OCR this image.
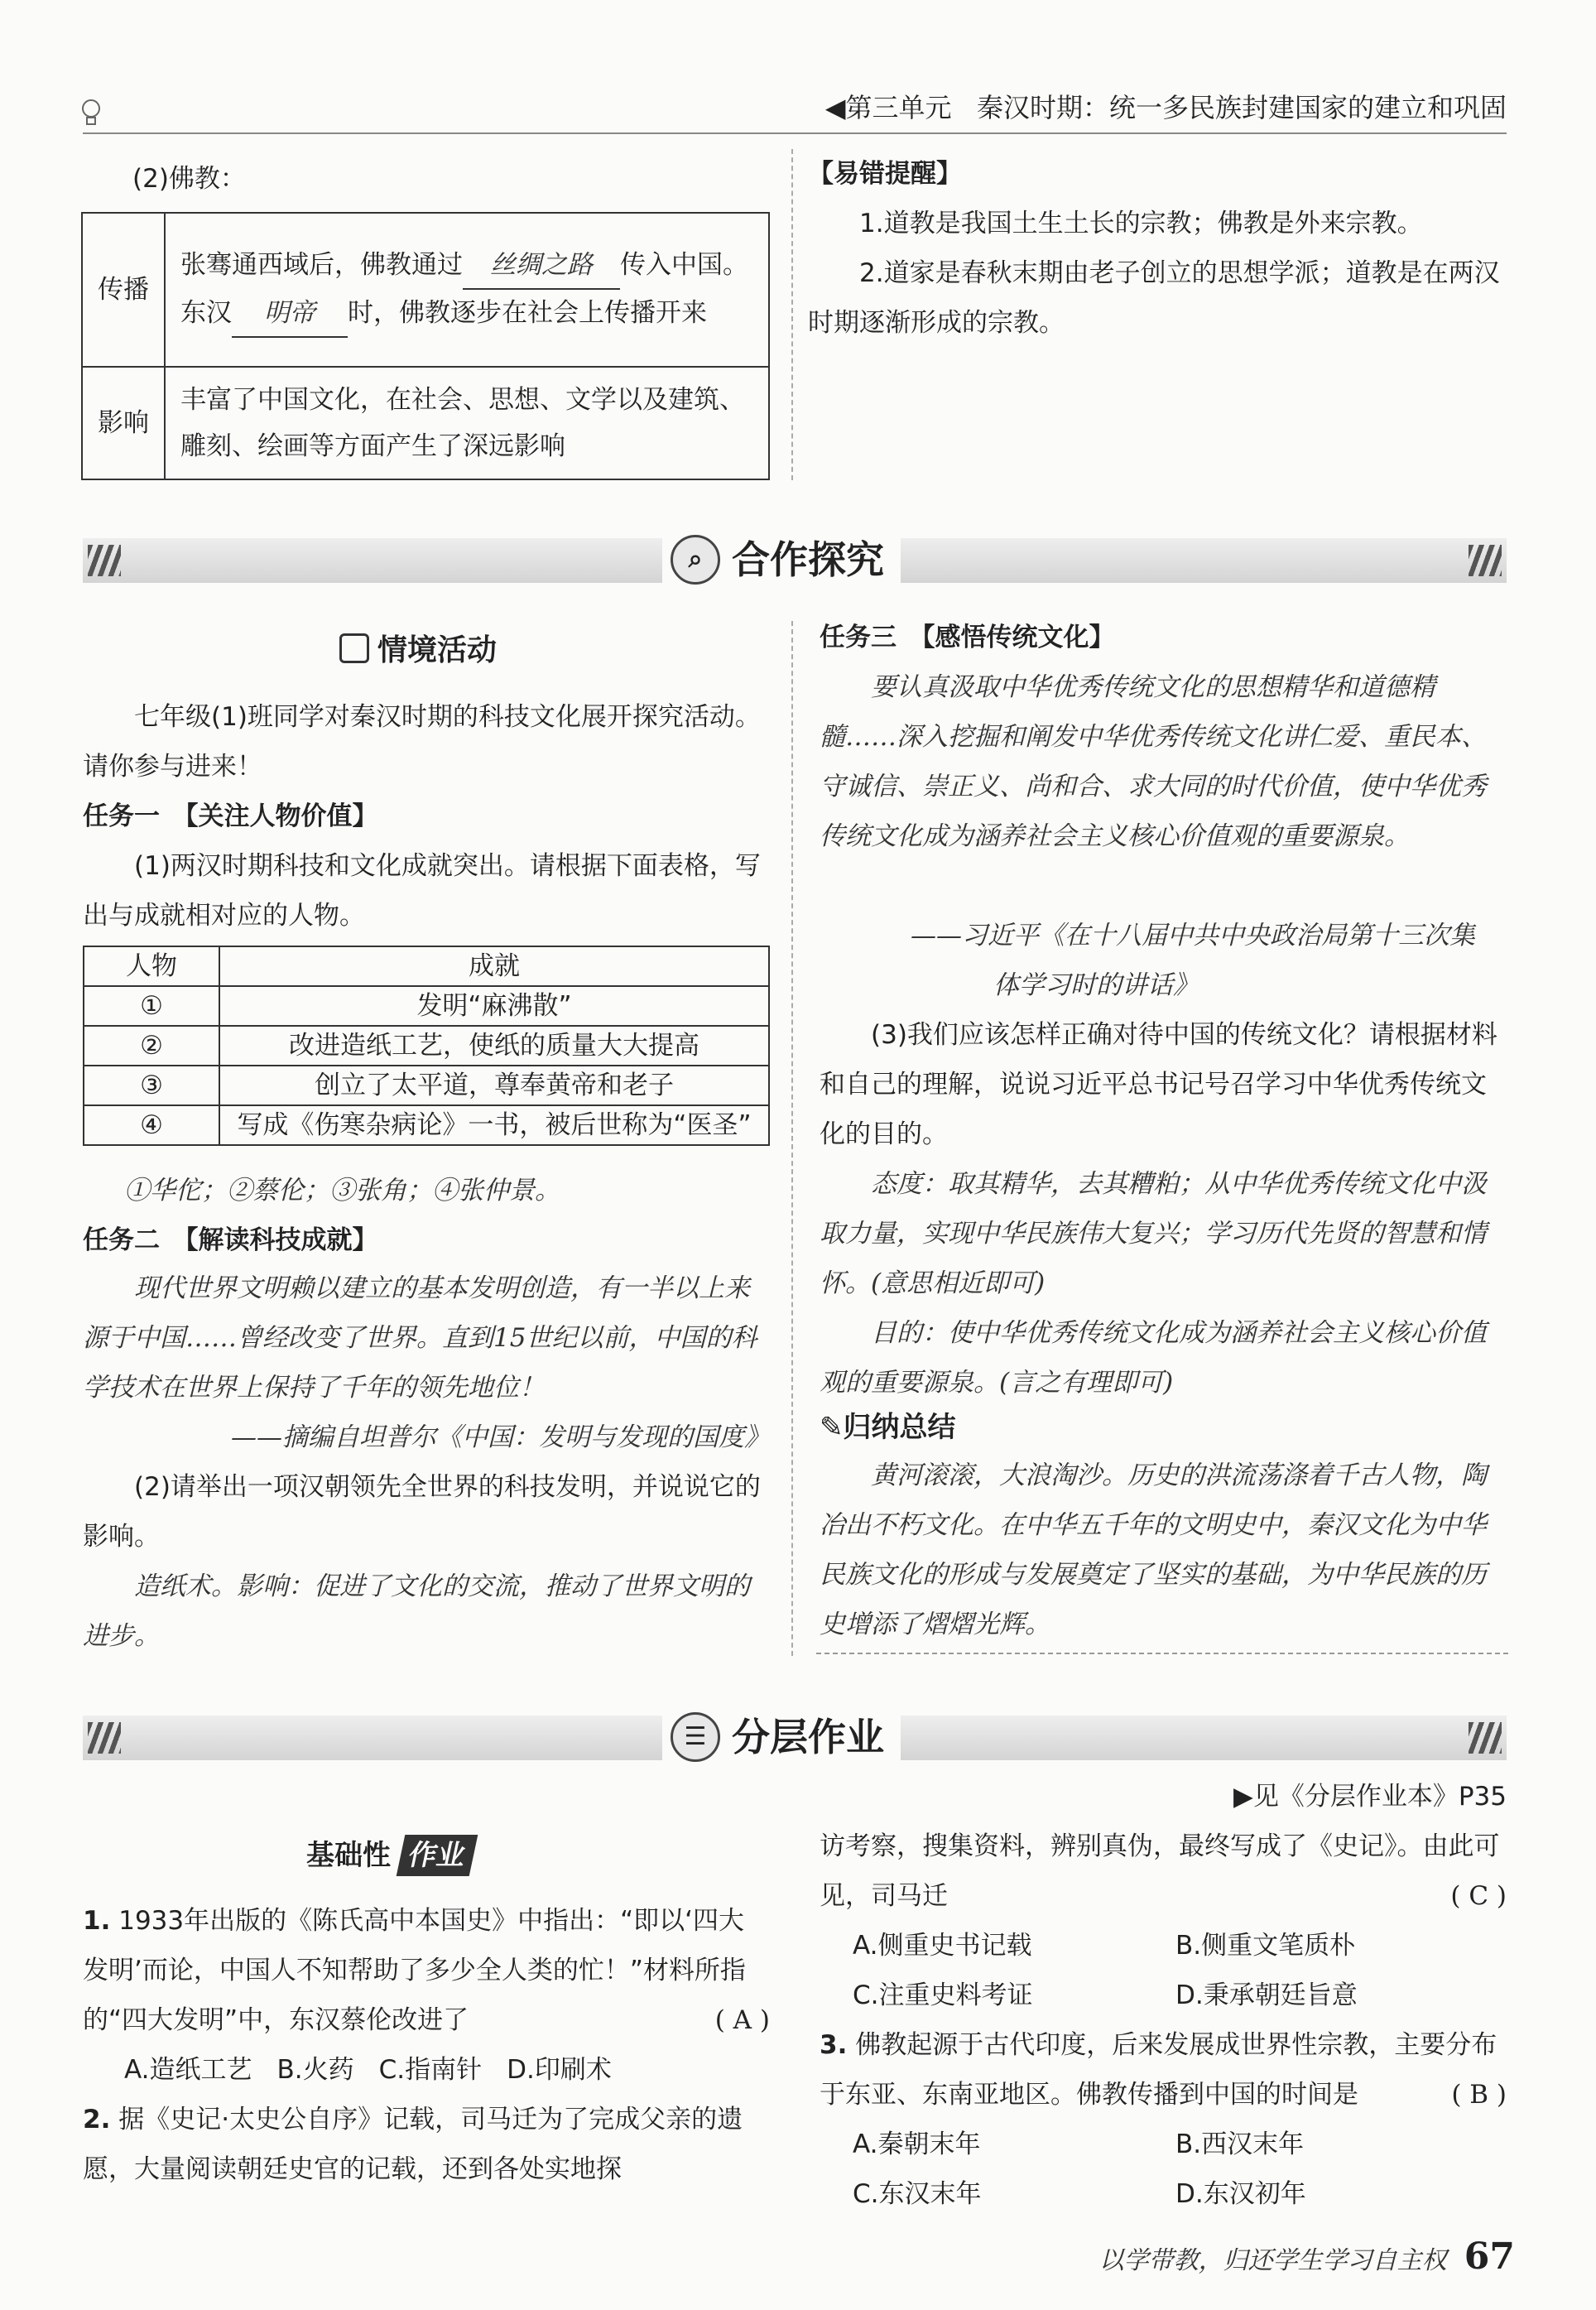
◀第三单元 秦汉时期：统一多民族封建国家的建立和巩固
(2)佛教：
传播	张骞通西域后，佛教通过 丝绸之路 传入中国。东汉 明帝 时，佛教逐步在社会上传播开来
影响	丰富了中国文化，在社会、思想、文学以及建筑、雕刻、绘画等方面产生了深远影响
【易错提醒】

1.道教是我国土生土长的宗教；佛教是外来宗教。

2.道家是春秋末期由老子创立的思想学派；道教是在两汉时期逐渐形成的宗教。

⌕ 合作探究
情境活动
七年级(1)班同学对秦汉时期的科技文化展开探究活动。请你参与进来！
任务一　【关注人物价值】
(1)两汉时期科技和文化成就突出。请根据下面表格，写出与成就相对应的人物。
人物	成就
①	发明“麻沸散”
②	改进造纸工艺，使纸的质量大大提高
③	创立了太平道，尊奉黄帝和老子
④	写成《伤寒杂病论》一书，被后世称为“医圣”
①华佗；②蔡伦；③张角；④张仲景。
任务二　【解读科技成就】
现代世界文明赖以建立的基本发明创造，有一半以上来源于中国……曾经改变了世界。直到15世纪以前，中国的科学技术在世界上保持了千年的领先地位！
——摘编自坦普尔《中国：发明与发现的国度》
(2)请举出一项汉朝领先全世界的科技发明，并说说它的影响。
造纸术。影响：促进了文化的交流，推动了世界文明的进步。
任务三　【感悟传统文化】
要认真汲取中华优秀传统文化的思想精华和道德精髓……深入挖掘和阐发中华优秀传统文化讲仁爱、重民本、守诚信、崇正义、尚和合、求大同的时代价值，使中华优秀传统文化成为涵养社会主义核心价值观的重要源泉。
——习近平《在十八届中共中央政治局第十三次集
体学习时的讲话》
(3)我们应该怎样正确对待中国的传统文化？请根据材料和自己的理解，说说习近平总书记号召学习中华优秀传统文化的目的。
态度：取其精华，去其糟粕；从中华优秀传统文化中汲取力量，实现中华民族伟大复兴；学习历代先贤的智慧和情怀。(意思相近即可)
目的：使中华优秀传统文化成为涵养社会主义核心价值观的重要源泉。(言之有理即可)
✎归纳总结
黄河滚滚，大浪淘沙。历史的洪流荡涤着千古人物，陶冶出不朽文化。在中华五千年的文明史中，秦汉文化为中华民族文化的形成与发展奠定了坚实的基础，为中华民族的历史增添了熠熠光辉。
☰ 分层作业
▶见《分层作业本》P35
基础性 作业
1. 1933年出版的《陈氏高中本国史》中指出：“即以‘四大发明’而论，中国人不知帮助了多少全人类的忙！”材料所指的“四大发明”中，东汉蔡伦改进了	( A )
A.造纸工艺 B.火药 C.指南针 D.印刷术
2. 据《史记·太史公自序》记载，司马迁为了完成父亲的遗愿，大量阅读朝廷史官的记载，还到各处实地探
访考察，搜集资料，辨别真伪，最终写成了《史记》。由此可见，司马迁	( C )
A.侧重史书记载	B.侧重文笔质朴
C.注重史料考证	D.秉承朝廷旨意
3. 佛教起源于古代印度，后来发展成世界性宗教，主要分布于东亚、东南亚地区。佛教传播到中国的时间是	( B )
A.秦朝末年	B.西汉末年
C.东汉末年	D.东汉初年
以学带教，归还学生学习自主权 67
